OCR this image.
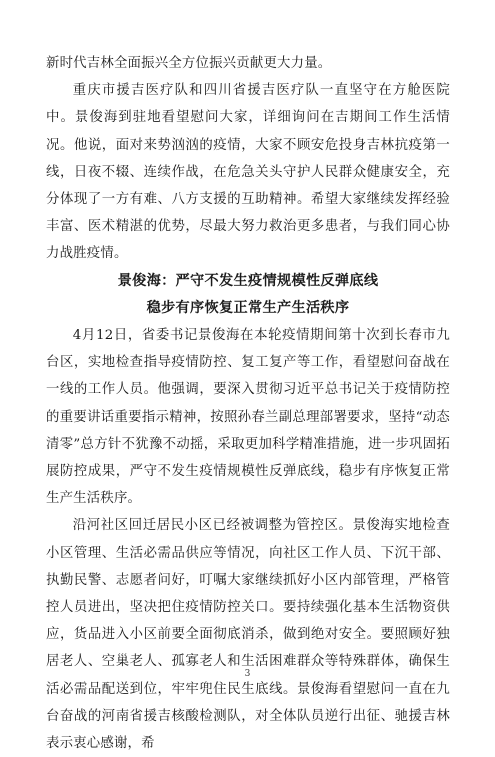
新时代吉林全面振兴全方位振兴贡献更大力量。

重庆市援吉医疗队和四川省援吉医疗队一直坚守在方舱医院中。景俊海到驻地看望慰问大家，详细询问在吉期间工作生活情况。他说，面对来势汹汹的疫情，大家不顾安危投身吉林抗疫第一线，日夜不辍、连续作战，在危急关头守护人民群众健康安全，充分体现了一方有难、八方支援的互助精神。希望大家继续发挥经验丰富、医术精湛的优势，尽最大努力救治更多患者，与我们同心协力战胜疫情。

景俊海：严守不发生疫情规模性反弹底线

稳步有序恢复正常生产生活秩序

4月12日，省委书记景俊海在本轮疫情期间第十次到长春市九台区，实地检查指导疫情防控、复工复产等工作，看望慰问奋战在一线的工作人员。他强调，要深入贯彻习近平总书记关于疫情防控的重要讲话重要指示精神，按照孙春兰副总理部署要求，坚持“动态清零”总方针不犹豫不动摇，采取更加科学精准措施，进一步巩固拓展防控成果，严守不发生疫情规模性反弹底线，稳步有序恢复正常生产生活秩序。

沿河社区回迁居民小区已经被调整为管控区。景俊海实地检查小区管理、生活必需品供应等情况，向社区工作人员、下沉干部、执勤民警、志愿者问好，叮嘱大家继续抓好小区内部管理，严格管控人员进出，坚决把住疫情防控关口。要持续强化基本生活物资供应，货品进入小区前要全面彻底消杀，做到绝对安全。要照顾好独居老人、空巢老人、孤寡老人和生活困难群众等特殊群体，确保生活必需品配送到位，牢牢兜住民生底线。景俊海看望慰问一直在九台奋战的河南省援吉核酸检测队，对全体队员逆行出征、驰援吉林表示衷心感谢，希

3
